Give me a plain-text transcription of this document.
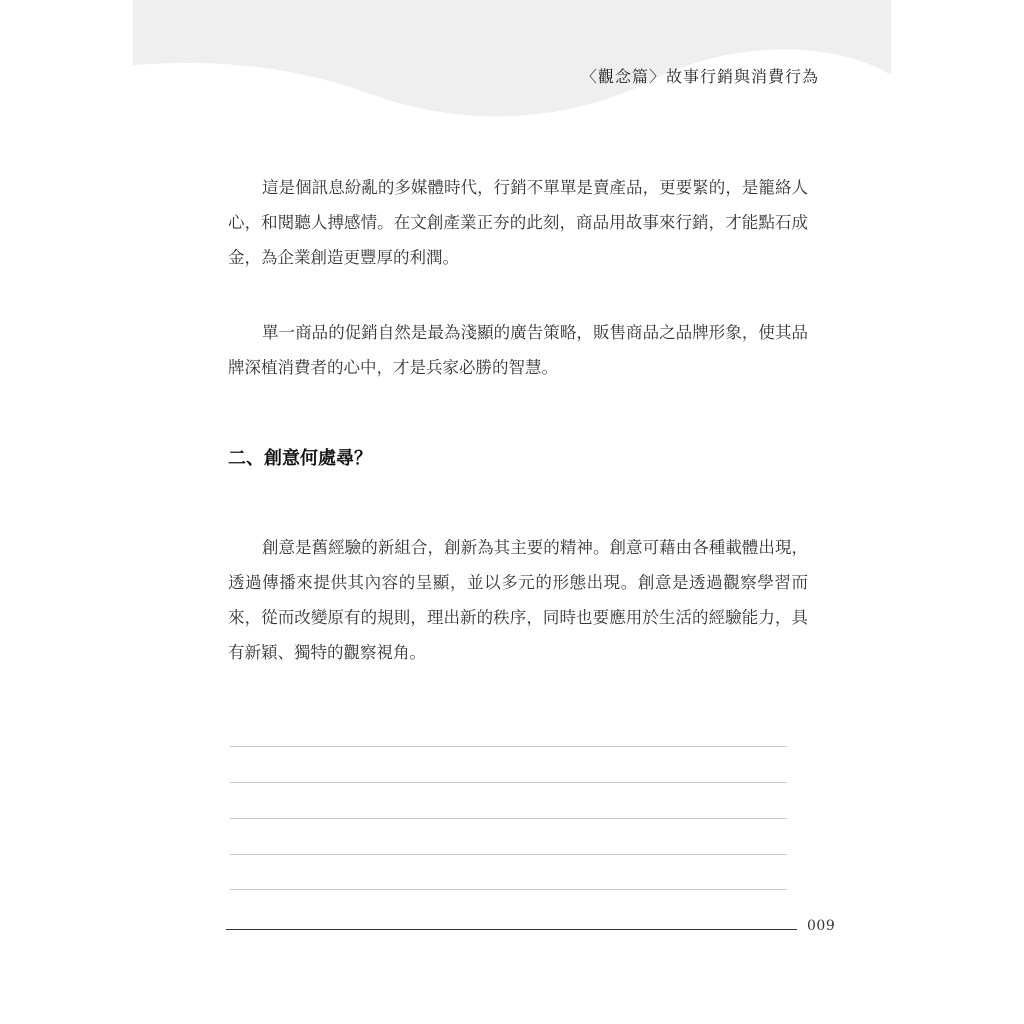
〈觀念篇〉故事行銷與消費行為

這是個訊息紛亂的多媒體時代，行銷不單單是賣產品，更要緊的，是籠絡人心，和閱聽人搏感情。在文創產業正夯的此刻，商品用故事來行銷，才能點石成金，為企業創造更豐厚的利潤。

單一商品的促銷自然是最為淺顯的廣告策略，販售商品之品牌形象，使其品牌深植消費者的心中，才是兵家必勝的智慧。

二、創意何處尋？

創意是舊經驗的新組合，創新為其主要的精神。創意可藉由各種載體出現，透過傳播來提供其內容的呈顯，並以多元的形態出現。創意是透過觀察學習而來，從而改變原有的規則，理出新的秩序，同時也要應用於生活的經驗能力，具有新穎、獨特的觀察視角。

009
